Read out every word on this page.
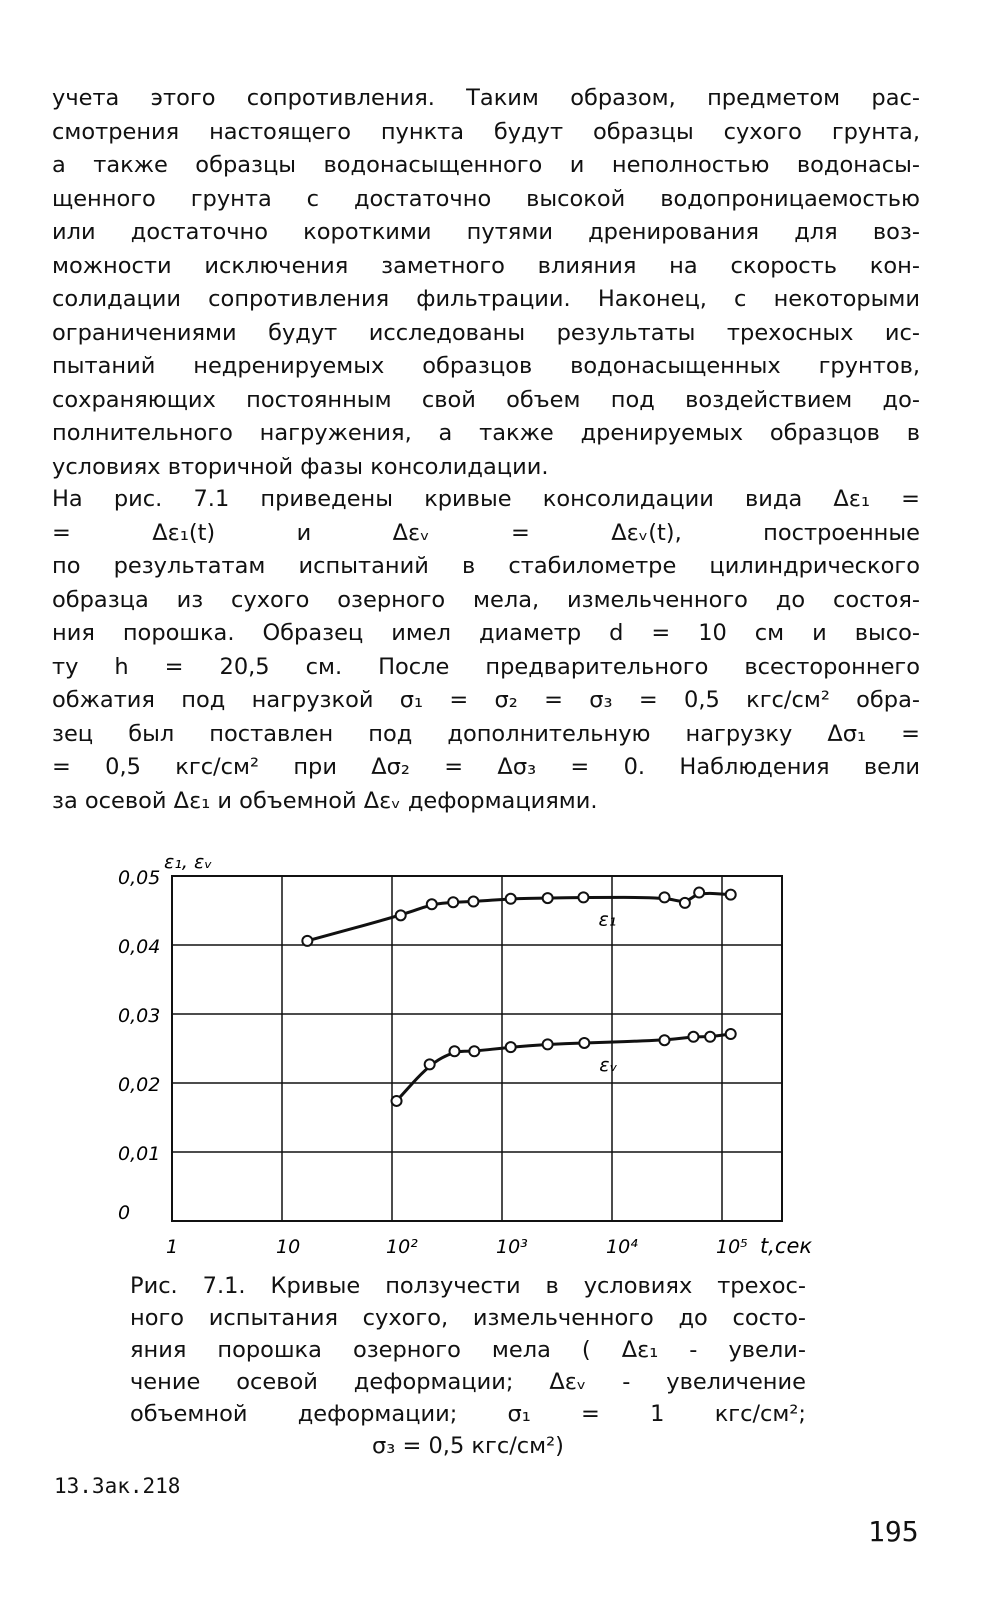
учета этого сопротивления. Таким образом, предметом рас-
смотрения настоящего пункта будут образцы сухого грунта,
а также образцы водонасыщенного и неполностью водонасы-
щенного грунта с достаточно высокой водопроницаемостью
или достаточно короткими путями дренирования для воз-
можности исключения заметного влияния на скорость кон-
солидации сопротивления фильтрации. Наконец, с некоторыми
ограничениями будут исследованы результаты трехосных ис-
пытаний недренируемых образцов водонасыщенных грунтов,
сохраняющих постоянным свой объем под воздействием до-
полнительного нагружения, а также дренируемых образцов в
условиях вторичной фазы консолидации.
На рис. 7.1 приведены кривые консолидации вида Δε₁ =
= Δε₁(t) и Δεᵥ = Δεᵥ(t), построенные
по результатам испытаний в стабилометре цилиндрического
образца из сухого озерного мела, измельченного до состоя-
ния порошка. Образец имел диаметр d = 10 см и высо-
ту h = 20,5 см. После предварительного всестороннего
обжатия под нагрузкой σ₁ = σ₂ = σ₃ = 0,5 кгс/см² обра-
зец был поставлен под дополнительную нагрузку Δσ₁ =
= 0,5 кгс/см² при Δσ₂ = Δσ₃ = 0. Наблюдения вели
за осевой Δε₁ и объемной Δεᵥ деформациями.
0
0,01
0,02
0,03
0,04
0,05
1	10	10²	10³	10⁴	10⁵
ε₁, εᵥ
t,сек
ε₁
εᵥ
Рис. 7.1. Кривые ползучести в условиях трехос-
ного испытания сухого, измельченного до состо-
яния порошка озерного мела ( Δε₁ - увели-
чение осевой деформации; Δεᵥ - увеличение
объемной деформации; σ₁ = 1 кгс/см²;
σ₃ = 0,5 кгс/см²)
13.Зак.218
195
